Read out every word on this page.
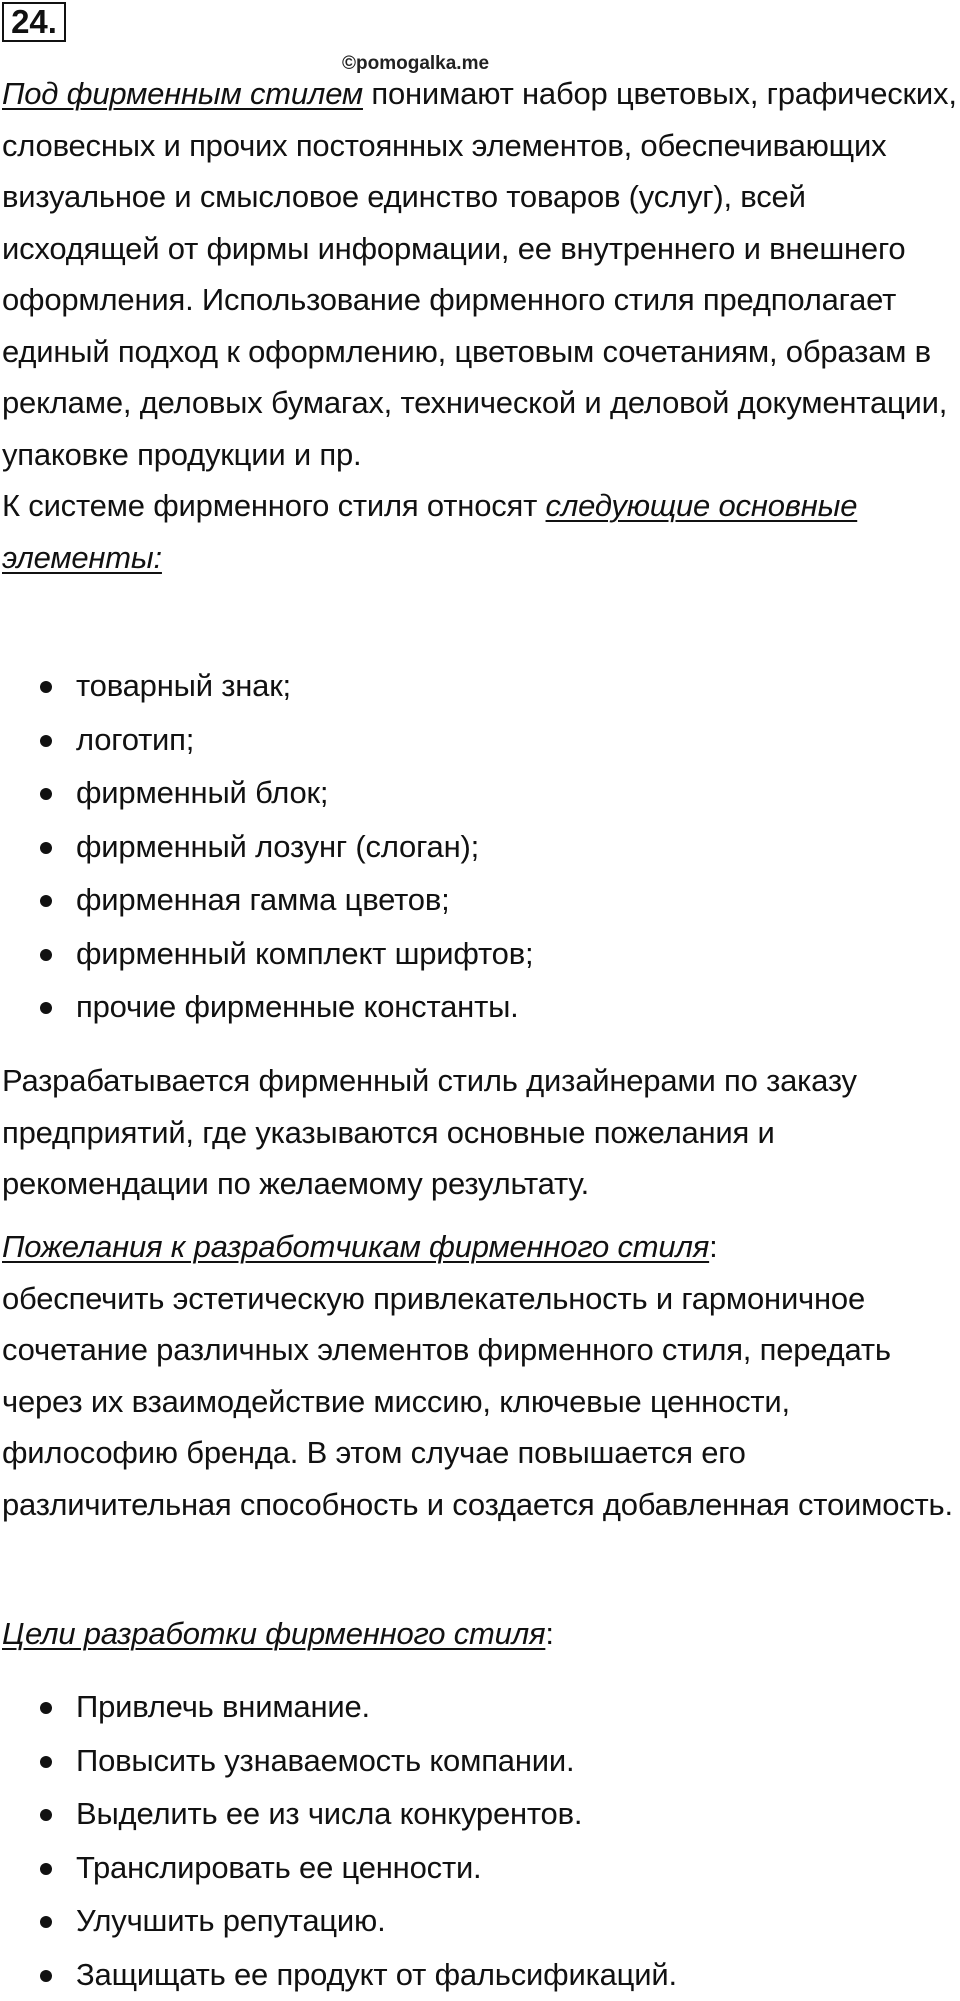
24.
©pomogalka.me

Под фирменным стилем понимают набор цветовых, графических, словесных и прочих постоянных элементов, обеспечивающих визуальное и смысловое единство товаров (услуг), всей исходящей от фирмы информации, ее внутреннего и внешнего оформления. Использование фирменного стиля предполагает единый подход к оформлению, цветовым сочетаниям, образам в рекламе, деловых бумагах, технической и деловой документации, упаковке продукции и пр.

К системе фирменного стиля относят следующие основные элементы:

товарный знак;
логотип;
фирменный блок;
фирменный лозунг (слоган);
фирменная гамма цветов;
фирменный комплект шрифтов;
прочие фирменные константы.

Разрабатывается фирменный стиль дизайнерами по заказу предприятий, где указываются основные пожелания и рекомендации по желаемому результату.

Пожелания к разработчикам фирменного стиля:
обеспечить эстетическую привлекательность и гармоничное сочетание различных элементов фирменного стиля, передать через их взаимодействие миссию, ключевые ценности, философию бренда. В этом случае повышается его различительная способность и создается добавленная стоимость.

Цели разработки фирменного стиля:

Привлечь внимание.
Повысить узнаваемость компании.
Выделить ее из числа конкурентов.
Транслировать ее ценности.
Улучшить репутацию.
Защищать ее продукт от фальсификаций.
